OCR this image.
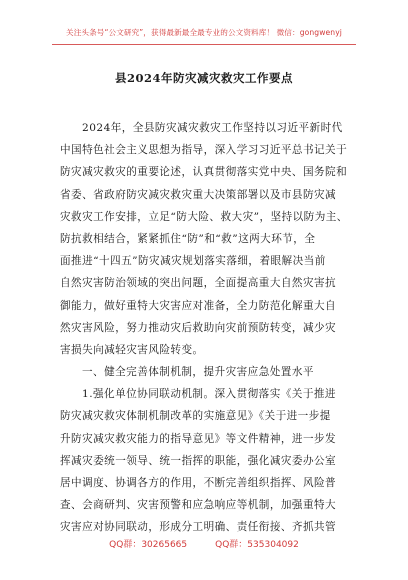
关注头条号“公文研究”，获得最新最全最专业的公文资料库！ 微信：gongwenyj
县2024年防灾减灾救灾工作要点
2024年，全县防灾减灾救灾工作坚持以习近平新时代
中国特色社会主义思想为指导，深入学习习近平总书记关于
防灾减灾救灾的重要论述，认真贯彻落实党中央、国务院和
省委、省政府防灾减灾救灾重大决策部署以及市县防灾减
灾救灾工作安排，立足“防大险、救大灾”，坚持以防为主、
防抗救相结合，紧紧抓住“防”和“救”这两大环节，全
面推进“十四五”防灾减灾规划落实落细，着眼解决当前
自然灾害防治领域的突出问题，全面提高重大自然灾害抗
御能力，做好重特大灾害应对准备，全力防范化解重大自
然灾害风险，努力推动灾后救助向灾前预防转变，减少灾
害损失向减轻灾害风险转变。
一、健全完善体制机制，提升灾害应急处置水平
1.强化单位协同联动机制。深入贯彻落实《关于推进
防灾减灾救灾体制机制改革的实施意见》《关于进一步提
升防灾减灾救灾能力的指导意见》等文件精神，进一步发
挥减灾委统一领导、统一指挥的职能，强化减灾委办公室
居中调度、协调各方的作用，不断完善组织指挥、风险普
查、会商研判、灾害预警和应急响应等机制，加强重特大
灾害应对协同联动，形成分工明确、责任衔接、齐抓共管
QQ群：30265665	QQ群：535304092
